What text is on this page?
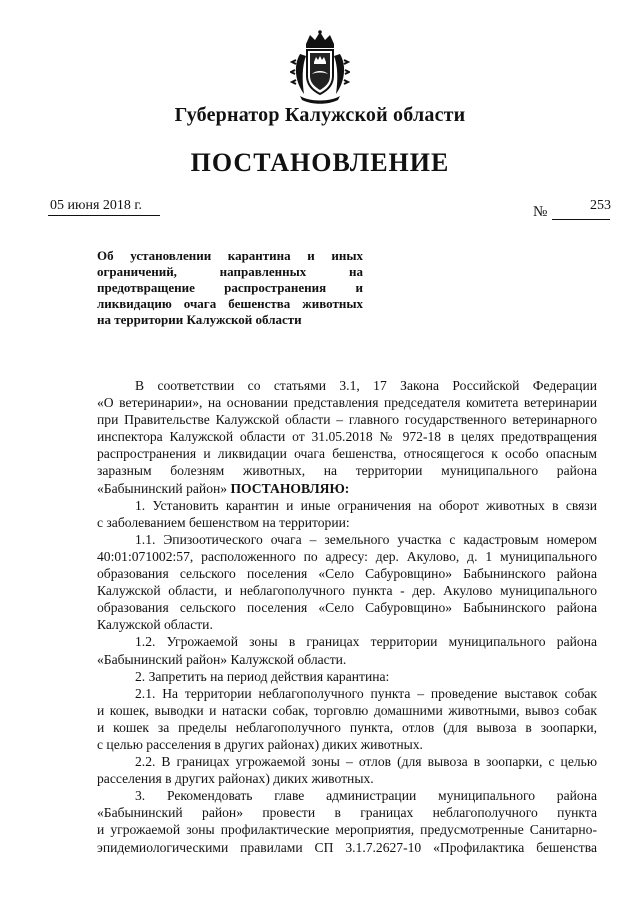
Губернатор Калужской области
ПОСТАНОВЛЕНИЕ
05 июня 2018 г.	№	253
Об установлении карантина и иных
ограничений, направленных на
предотвращение распространения и
ликвидацию очага бешенства животных
на территории Калужской области
В соответствии со статьями 3.1, 17 Закона Российской Федерации
«О ветеринарии», на основании представления председателя комитета ветеринарии
при Правительстве Калужской области – главного государственного ветеринарного
инспектора Калужской области от 31.05.2018 № 972-18 в целях предотвращения
распространения и ликвидации очага бешенства, относящегося к особо опасным
заразным болезням животных, на территории муниципального района
«Бабынинский район» ПОСТАНОВЛЯЮ:
1. Установить карантин и иные ограничения на оборот животных в связи
с заболеванием бешенством на территории:
1.1. Эпизоотического очага – земельного участка с кадастровым номером
40:01:071002:57, расположенного по адресу: дер. Акулово, д. 1 муниципального
образования сельского поселения «Село Сабуровщино» Бабынинского района
Калужской области, и неблагополучного пункта - дер. Акулово муниципального
образования сельского поселения «Село Сабуровщино» Бабынинского района
Калужской области.
1.2. Угрожаемой зоны в границах территории муниципального района
«Бабынинский район» Калужской области.
2. Запретить на период действия карантина:
2.1. На территории неблагополучного пункта – проведение выставок собак
и кошек, выводки и натаски собак, торговлю домашними животными, вывоз собак
и кошек за пределы неблагополучного пункта, отлов (для вывоза в зоопарки,
с целью расселения в других районах) диких животных.
2.2. В границах угрожаемой зоны – отлов (для вывоза в зоопарки, с целью
расселения в других районах) диких животных.
3. Рекомендовать главе администрации муниципального района
«Бабынинский район» провести в границах неблагополучного пункта
и угрожаемой зоны профилактические мероприятия, предусмотренные Санитарно-
эпидемиологическими правилами СП 3.1.7.2627-10 «Профилактика бешенства
